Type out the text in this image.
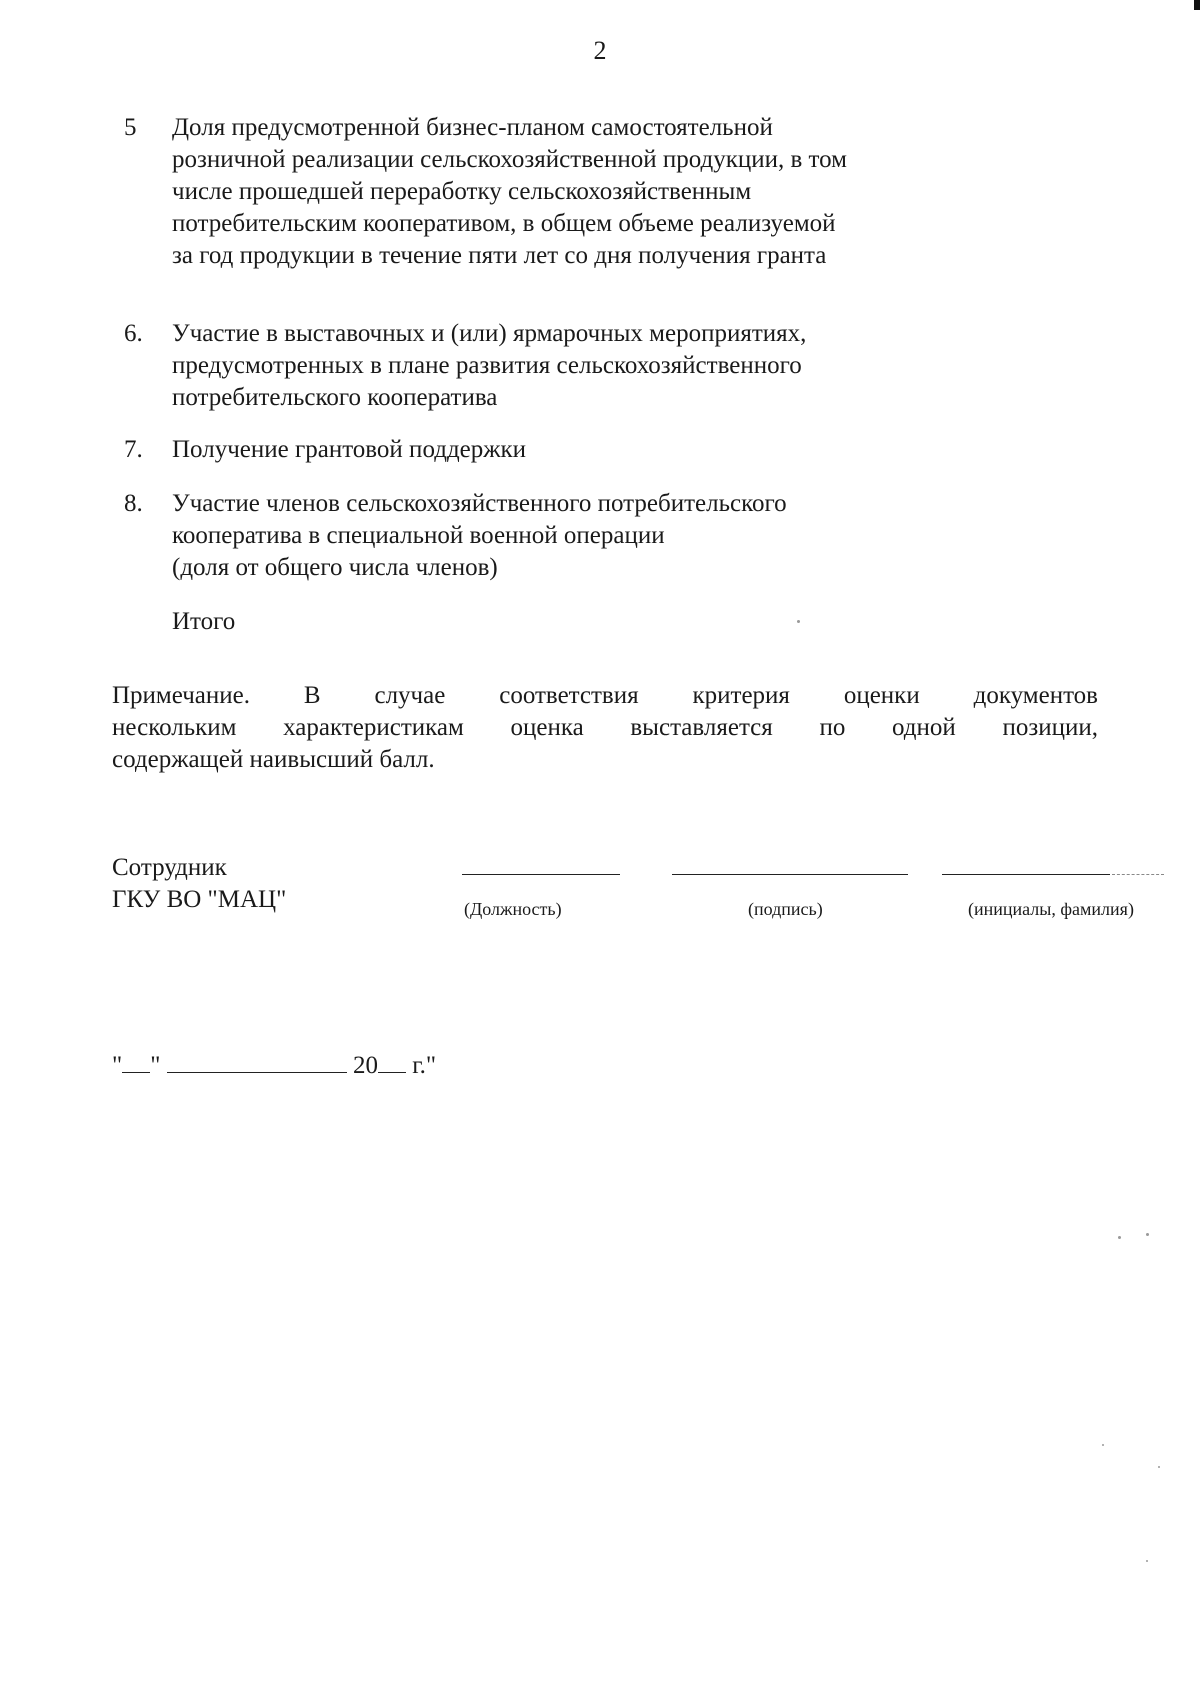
2
5 Доля предусмотренной бизнес-планом самостоятельной
розничной реализации сельскохозяйственной продукции, в том
числе прошедшей переработку сельскохозяйственным
потребительским кооперативом, в общем объеме реализуемой
за год продукции в течение пяти лет со дня получения гранта
6. Участие в выставочных и (или) ярмарочных мероприятиях,
предусмотренных в плане развития сельскохозяйственного
потребительского кооператива
7. Получение грантовой поддержки
8. Участие членов сельскохозяйственного потребительского
кооператива в специальной военной операции
(доля от общего числа членов)
Итого
Примечание. В случае соответствия критерия оценки документов
нескольким характеристикам оценка выставляется по одной позиции,
содержащей наивысший балл.
Сотрудник
ГКУ ВО "МАЦ"	(Должность)	(подпись)	(инициалы, фамилия)
" "	20 г."
